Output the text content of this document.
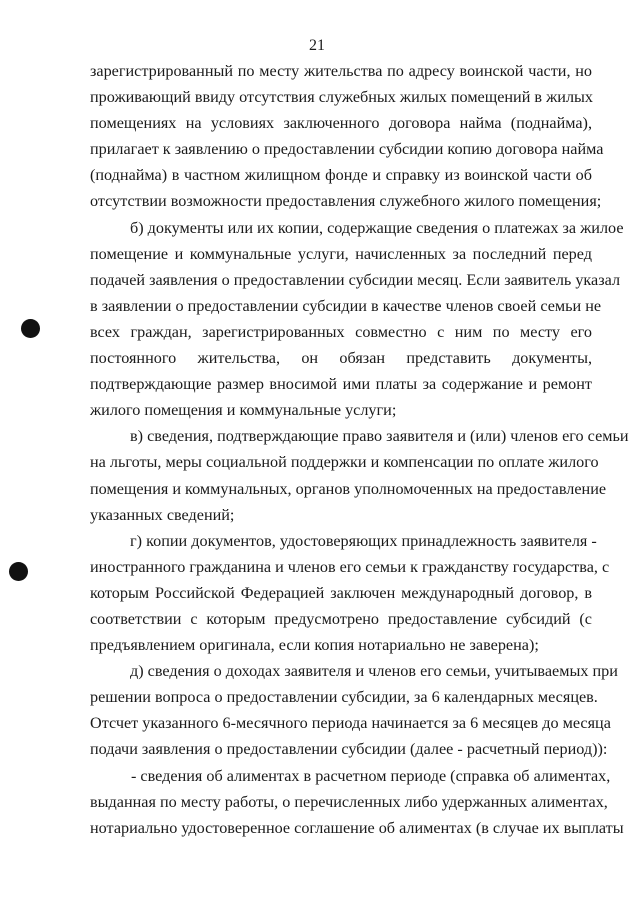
21
зарегистрированный по месту жительства по адресу воинской части, но
проживающий ввиду отсутствия служебных жилых помещений в жилых
помещениях на условиях заключенного договора найма (поднайма),
прилагает к заявлению о предоставлении субсидии копию договора найма
(поднайма) в частном жилищном фонде и справку из воинской части об
отсутствии возможности предоставления служебного жилого помещения;
б) документы или их копии, содержащие сведения о платежах за жилое
помещение и коммунальные услуги, начисленных за последний перед
подачей заявления о предоставлении субсидии месяц. Если заявитель указал
в заявлении о предоставлении субсидии в качестве членов своей семьи не
всех граждан, зарегистрированных совместно с ним по месту его
постоянного жительства, он обязан представить документы,
подтверждающие размер вносимой ими платы за содержание и ремонт
жилого помещения и коммунальные услуги;
в) сведения, подтверждающие право заявителя и (или) членов его семьи
на льготы, меры социальной поддержки и компенсации по оплате жилого
помещения и коммунальных, органов уполномоченных на предоставление
указанных сведений;
г) копии документов, удостоверяющих принадлежность заявителя -
иностранного гражданина и членов его семьи к гражданству государства, с
которым Российской Федерацией заключен международный договор, в
соответствии с которым предусмотрено предоставление субсидий (с
предъявлением оригинала, если копия нотариально не заверена);
д) сведения о доходах заявителя и членов его семьи, учитываемых при
решении вопроса о предоставлении субсидии, за 6 календарных месяцев.
Отсчет указанного 6-месячного периода начинается за 6 месяцев до месяца
подачи заявления о предоставлении субсидии (далее - расчетный период)):
- сведения об алиментах в расчетном периоде (справка об алиментах,
выданная по месту работы, о перечисленных либо удержанных алиментах,
нотариально удостоверенное соглашение об алиментах (в случае их выплаты
